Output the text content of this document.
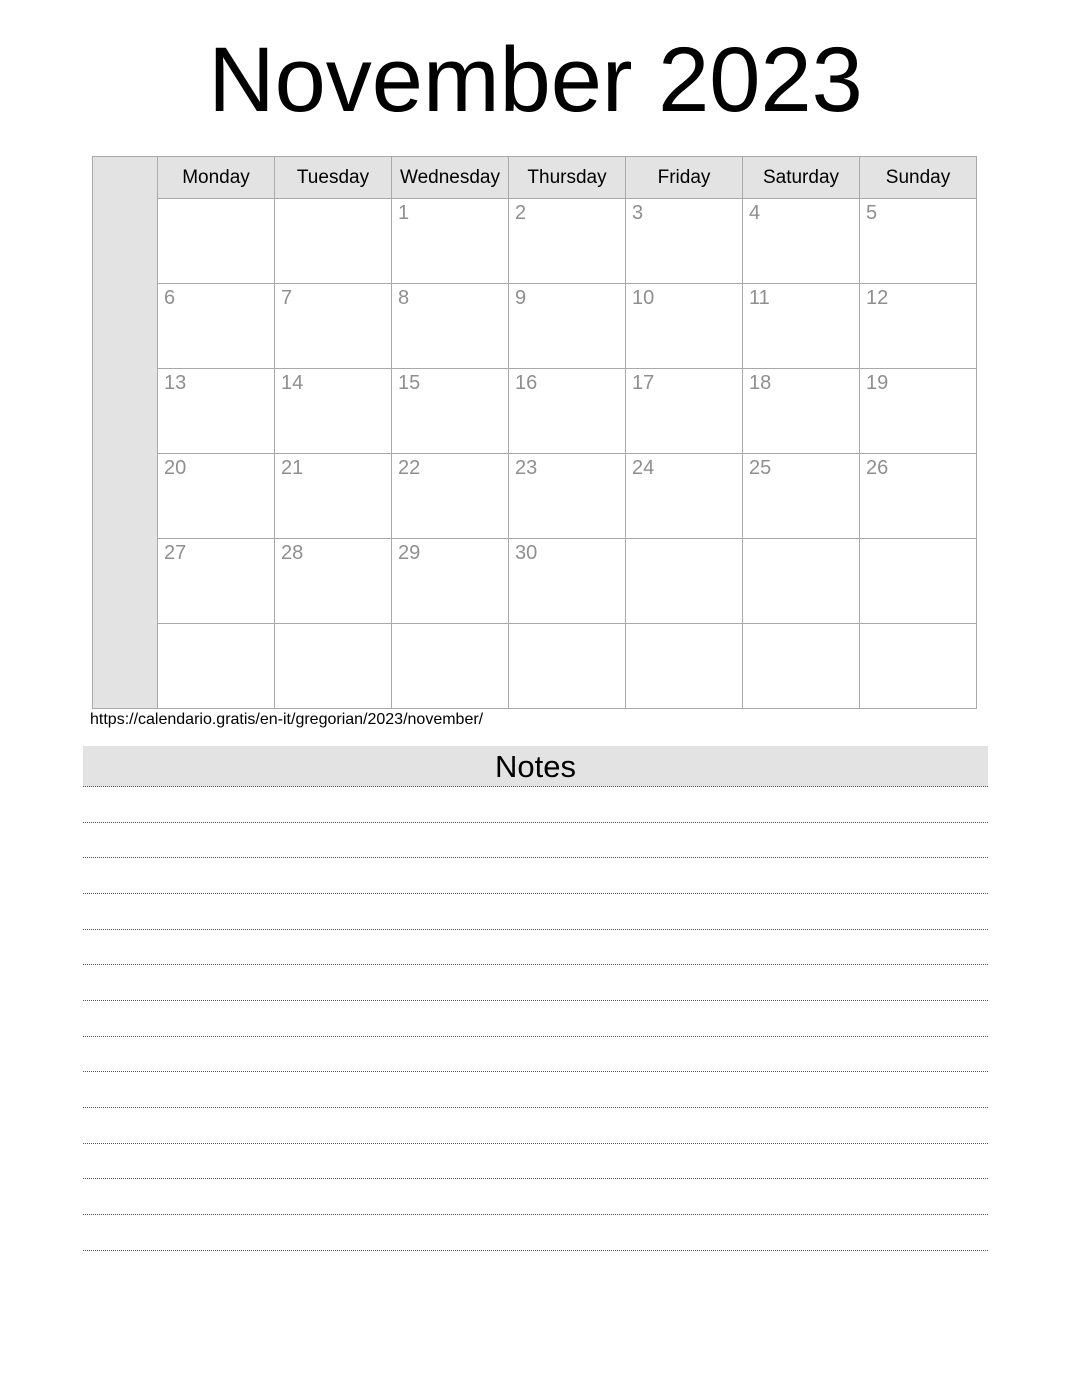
November 2023
	Monday	Tuesday	Wednesday	Thursday	Friday	Saturday	Sunday
			1	2	3	4	5
	6	7	8	9	10	11	12
	13	14	15	16	17	18	19
	20	21	22	23	24	25	26
	27	28	29	30			

https://calendario.gratis/en-it/gregorian/2023/november/
Notes
